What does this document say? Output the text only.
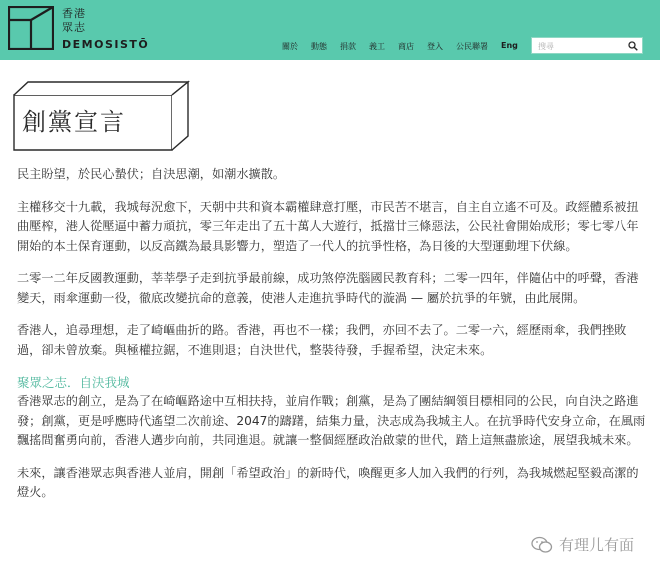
香港
眾志
DEMOSISTŌ	關於 動態 捐款 義工 商店 登入 公民聯署 Eng	搜尋
創黨宣言

民主盼望，於民心蟄伏；自決思潮，如潮水擴散。

主權移交十九載，我城每況愈下，天朝中共和資本霸權肆意打壓，市民苦不堪言，自主自立遙不可及。政經體系被扭曲壓榨，港人從壓逼中蓄力頑抗，零三年走出了五十萬人大遊行，抵擋廿三條惡法，公民社會開始成形；零七零八年開始的本土保育運動，以反高鐵為最具影響力，塑造了一代人的抗爭性格，為日後的大型運動埋下伏線。

二零一二年反國教運動，莘莘學子走到抗爭最前線，成功煞停洗腦國民教育科；二零一四年，伴隨佔中的呼聲，香港變天，雨傘運動一役，徹底改變抗命的意義，使港人走進抗爭時代的漩渦 — 屬於抗爭的年號，由此展開。

香港人，追尋理想，走了崎嶇曲折的路。香港，再也不一樣；我們，亦回不去了。二零一六，經歷雨傘，我們挫敗過，卻未曾放棄。與極權拉鋸，不進則退；自決世代，整裝待發，手握希望，決定未來。

聚眾之志．自決我城

香港眾志的創立，是為了在崎嶇路途中互相扶持，並肩作戰；創黨，是為了團結綱領目標相同的公民，向自決之路進發；創黨，更是呼應時代遙望二次前途、2047的躊躇，結集力量，決志成為我城主人。在抗爭時代安身立命，在風雨飄搖間奮勇向前，香港人邁步向前，共同進退。就讓一整個經歷政治啟蒙的世代，踏上這無盡旅途，展望我城未來。

未來，讓香港眾志與香港人並肩，開創「希望政治」的新時代，喚醒更多人加入我們的行列，為我城燃起堅毅高潔的燈火。

有理儿有面
